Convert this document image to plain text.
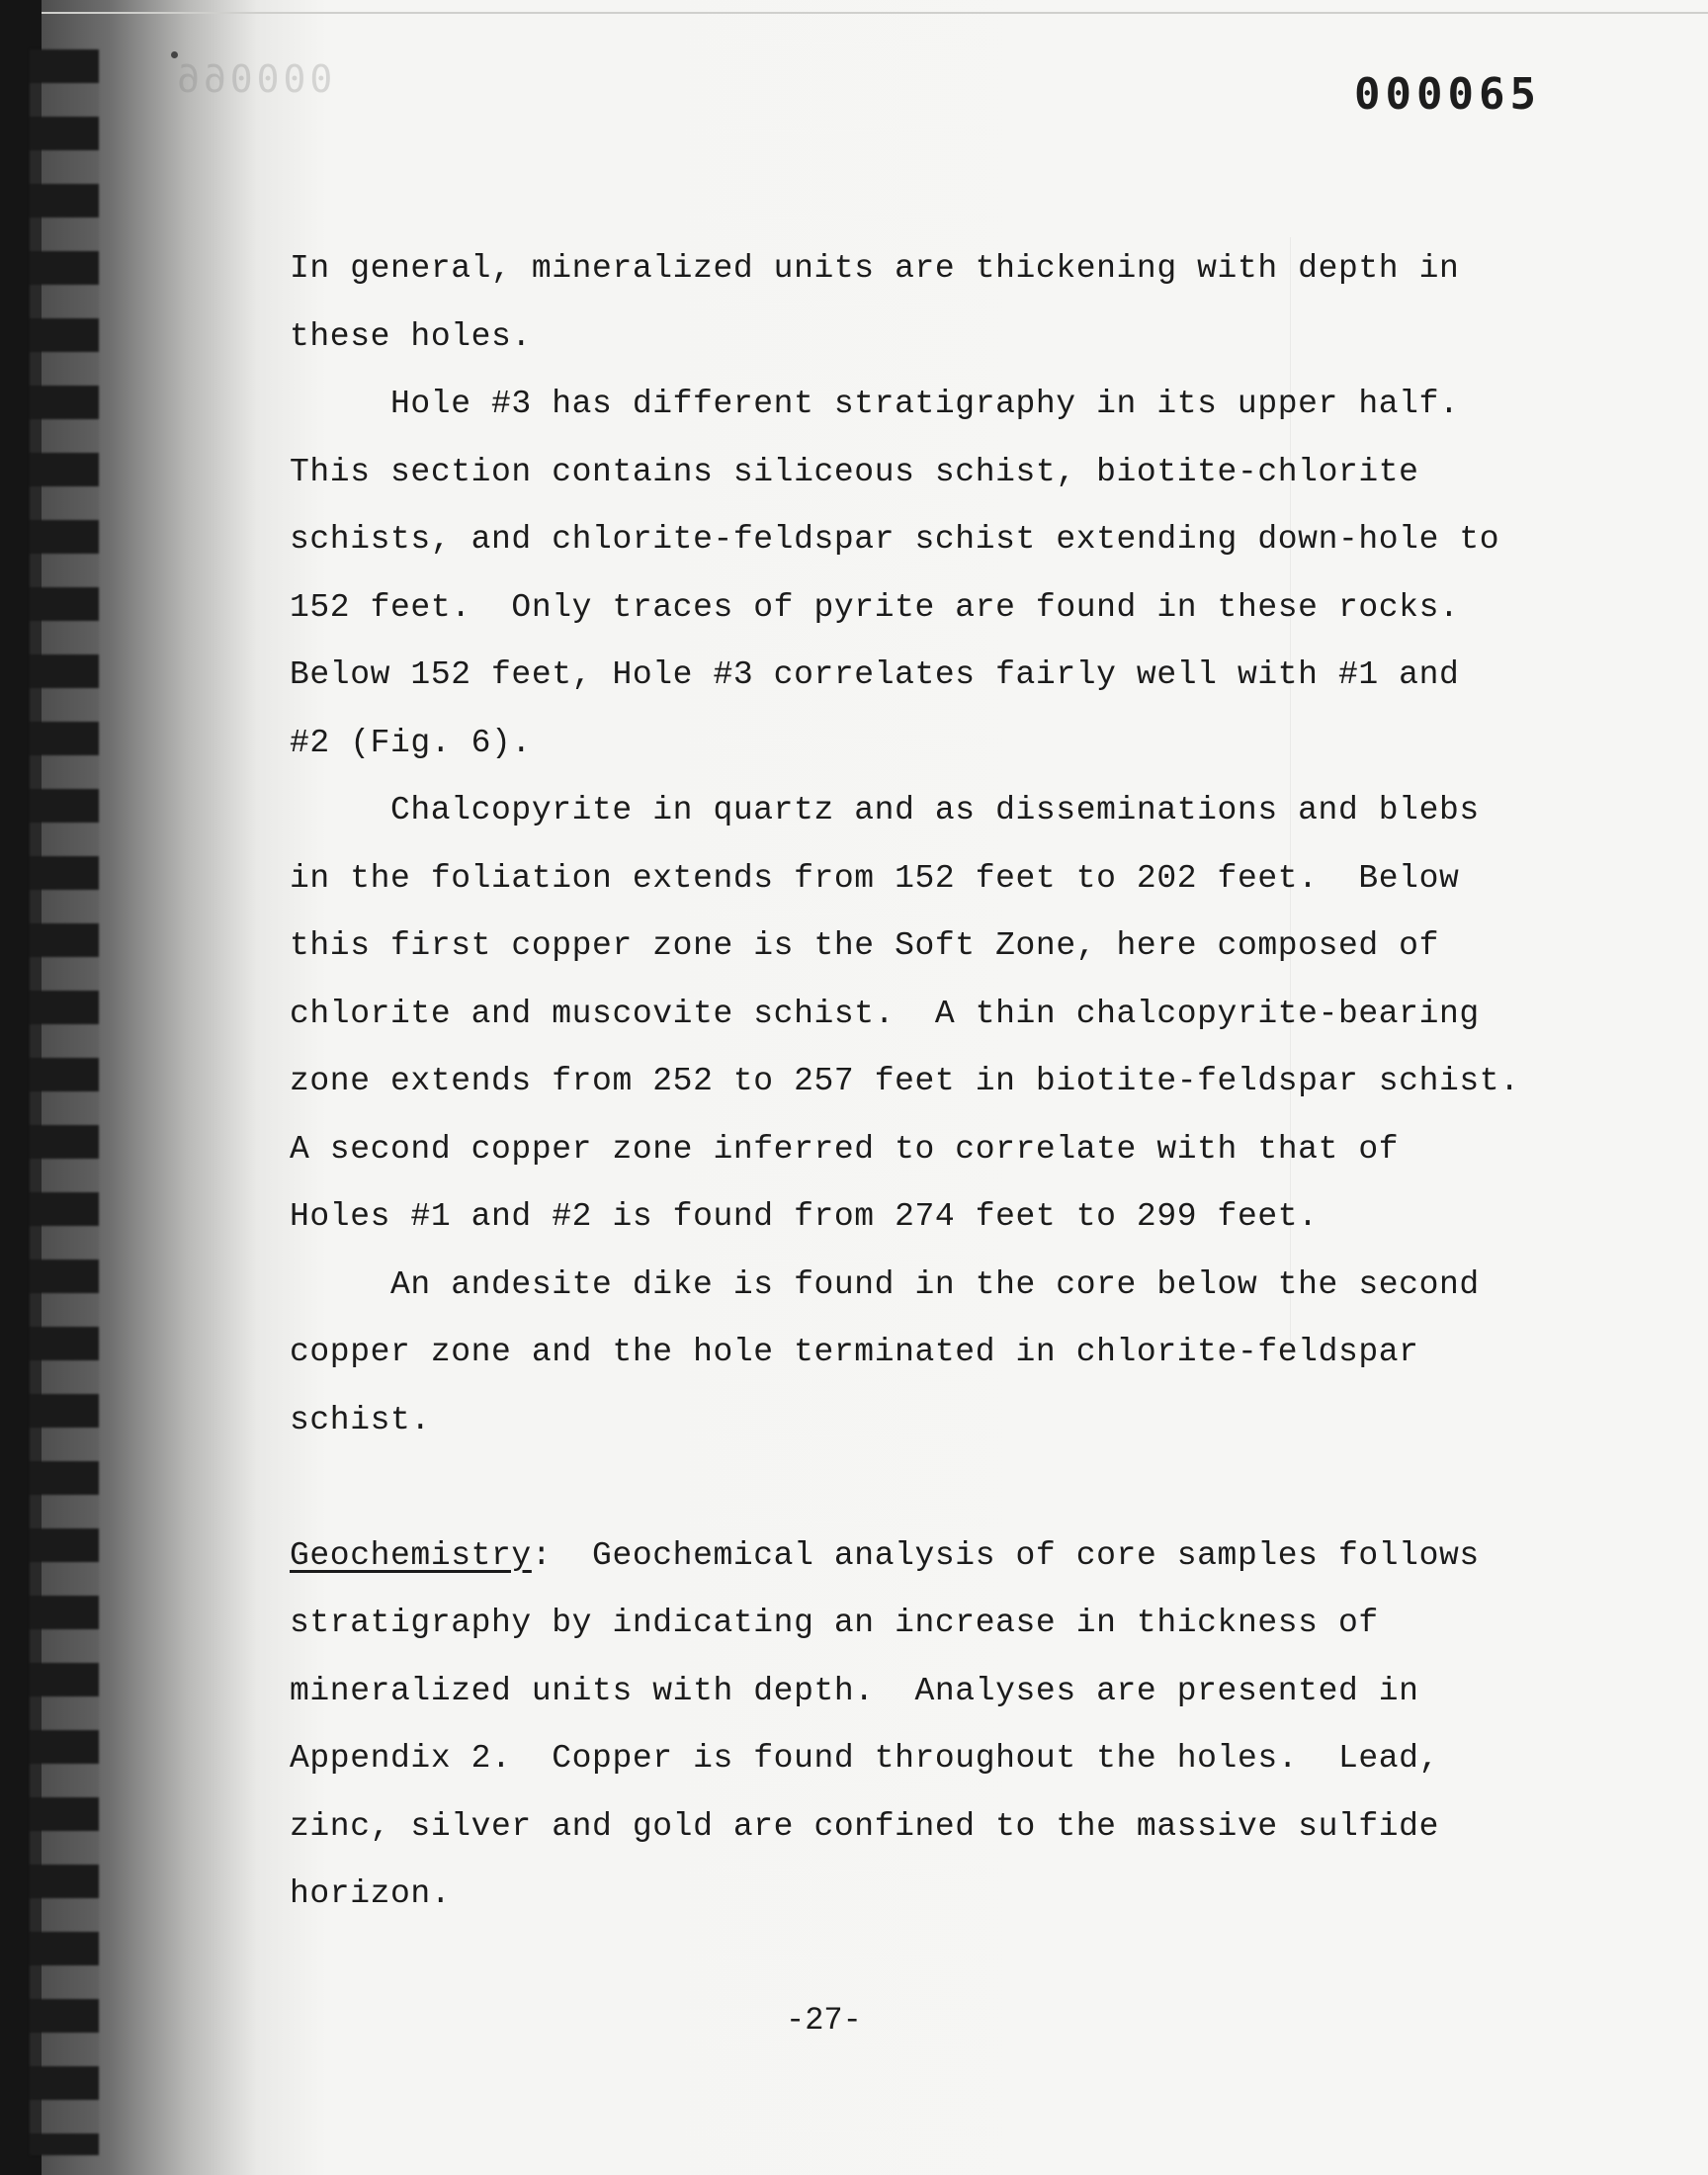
000066	000065
In general, mineralized units are thickening with depth in
these holes.
Hole #3 has different stratigraphy in its upper half.
This section contains siliceous schist, biotite-chlorite
schists, and chlorite-feldspar schist extending down-hole to
152 feet.  Only traces of pyrite are found in these rocks.
Below 152 feet, Hole #3 correlates fairly well with #1 and
#2 (Fig. 6).
Chalcopyrite in quartz and as disseminations and blebs
in the foliation extends from 152 feet to 202 feet.  Below
this first copper zone is the Soft Zone, here composed of
chlorite and muscovite schist.  A thin chalcopyrite-bearing
zone extends from 252 to 257 feet in biotite-feldspar schist.
A second copper zone inferred to correlate with that of
Holes #1 and #2 is found from 274 feet to 299 feet.
An andesite dike is found in the core below the second
copper zone and the hole terminated in chlorite-feldspar
schist.
Geochemistry:  Geochemical analysis of core samples follows
stratigraphy by indicating an increase in thickness of
mineralized units with depth.  Analyses are presented in
Appendix 2.  Copper is found throughout the holes.  Lead,
zinc, silver and gold are confined to the massive sulfide
horizon.
-27-
